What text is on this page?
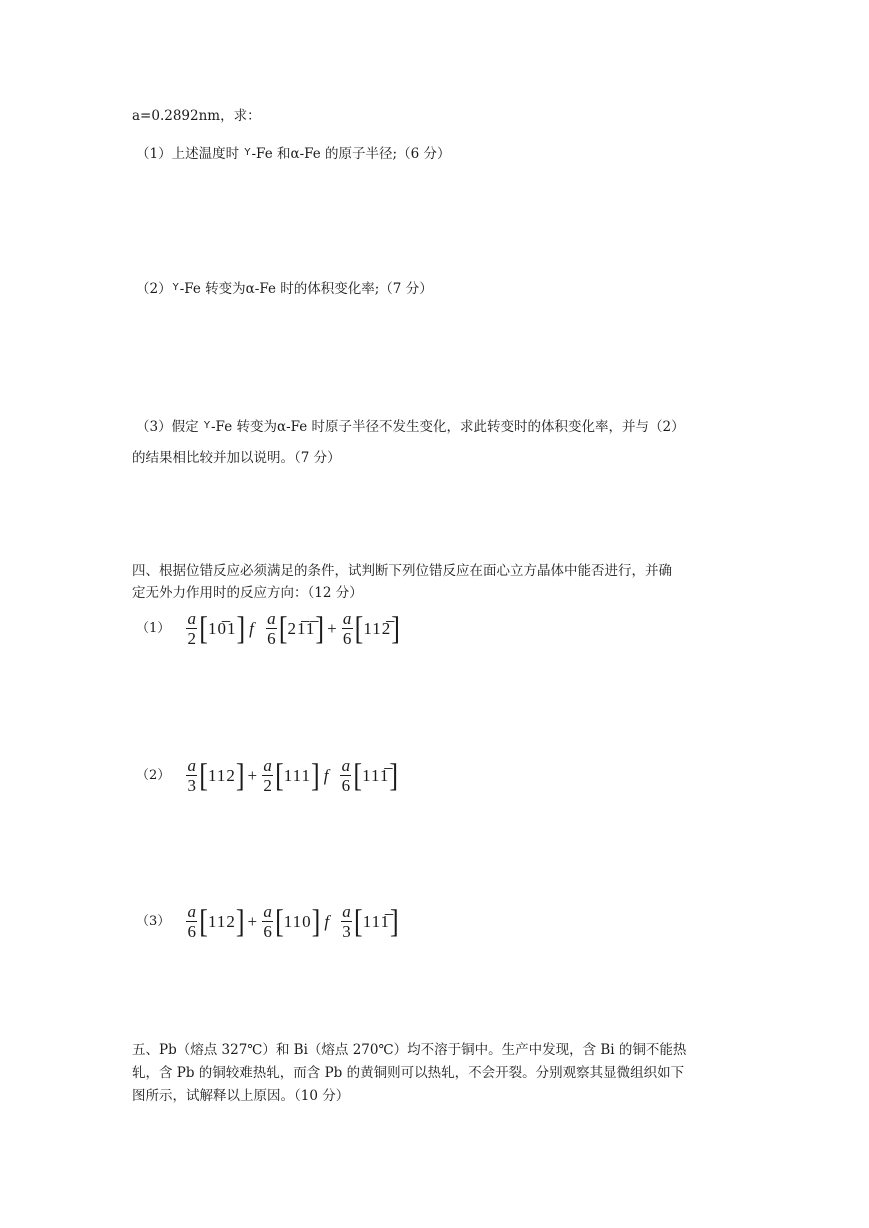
a=0.2892nm，求：
（1）上述温度时 $^Y$-Fe 和α-Fe 的原子半径;（6 分）
$(2)^Y-Fe$ 转变为α-Fe 时的体积变化率;（7 分）
（3）假定 $^Y$-Fe 转变为α-Fe 时原子半径不发生变化，求此转变时的体积变化率，并与（2）
的结果相比较并加以说明。（7 分）
四、根据位错反应必须满足的条件，试判断下列位错反应在面心立方晶体中能否进行，并确
定无外力作用时的反应方向：（12 分）
$(1) \frac{a}{2}$ [ 10̅1 ] f $\frac{a}{6}$ [ 21̅1̅ ] + $\frac{a}{6}$ [ 112̅ ]
$(2) \frac{a}{3}$ [ 112 ] + $\frac{a}{2}$ [ 111 ] f $\frac{a}{6}$ [ 111̅ ]
$(3) \frac{a}{6}$ [ 112 ] + $\frac{a}{6}$ [ 110 ] f $\frac{a}{3}$ [ 111̅ ]
五、Pb（熔点 327℃）和 Bi（熔点 270℃）均不溶于铜中。生产中发现，含 Bi 的铜不能热
轧，含 Pb 的铜较难热轧，而含 Pb 的黄铜则可以热轧，不会开裂。分别观察其显微组织如下
图所示，试解释以上原因。（10 分）
